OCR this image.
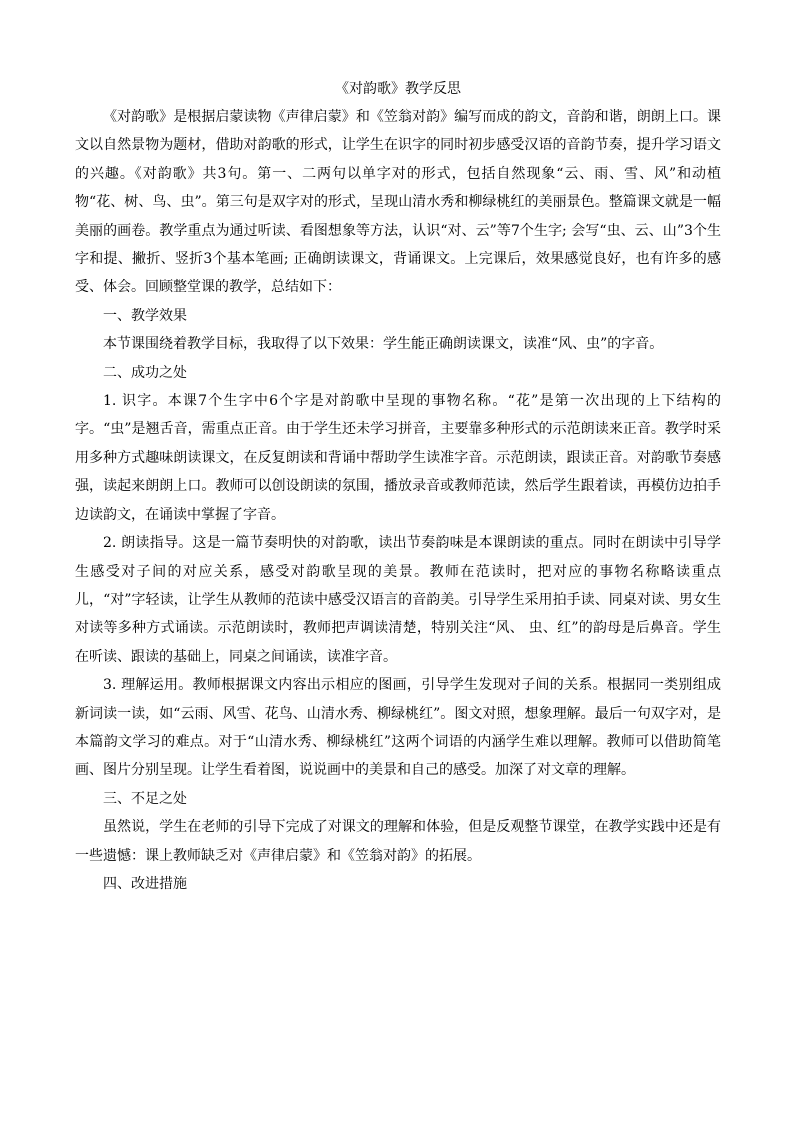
《对韵歌》教学反思

《对韵歌》是根据启蒙读物《声律启蒙》和《笠翁对韵》编写而成的韵文，音韵和谐，朗朗上口。课文以自然景物为题材，借助对韵歌的形式，让学生在识字的同时初步感受汉语的音韵节奏，提升学习语文的兴趣。《对韵歌》共3句。第一、二两句以单字对的形式，包括自然现象“云、雨、雪、风”和动植物“花、树、鸟、虫”。第三句是双字对的形式，呈现山清水秀和柳绿桃红的美丽景色。整篇课文就是一幅美丽的画卷。教学重点为通过听读、看图想象等方法，认识“对、云”等7个生字; 会写“虫、云、山”3个生字和提、撇折、竖折3个基本笔画; 正确朗读课文，背诵课文。上完课后，效果感觉良好，也有许多的感受、体会。回顾整堂课的教学，总结如下：

一、教学效果

本节课围绕着教学目标，我取得了以下效果：学生能正确朗读课文，读准“风、虫”的字音。

二、成功之处

1. 识字。本课7个生字中6个字是对韵歌中呈现的事物名称。“花”是第一次出现的上下结构的字。“虫”是翘舌音，需重点正音。由于学生还未学习拼音，主要靠多种形式的示范朗读来正音。教学时采用多种方式趣味朗读课文，在反复朗读和背诵中帮助学生读准字音。示范朗读，跟读正音。对韵歌节奏感强，读起来朗朗上口。教师可以创设朗读的氛围，播放录音或教师范读，然后学生跟着读，再模仿边拍手边读韵文，在诵读中掌握了字音。

2. 朗读指导。这是一篇节奏明快的对韵歌，读出节奏韵味是本课朗读的重点。同时在朗读中引导学生感受对子间的对应关系，感受对韵歌呈现的美景。教师在范读时，把对应的事物名称略读重点儿，“对”字轻读，让学生从教师的范读中感受汉语言的音韵美。引导学生采用拍手读、同桌对读、男女生对读等多种方式诵读。示范朗读时，教师把声调读清楚，特别关注“风、 虫、红”的韵母是后鼻音。学生在听读、跟读的基础上，同桌之间诵读，读准字音。

3. 理解运用。教师根据课文内容出示相应的图画，引导学生发现对子间的关系。根据同一类别组成新词读一读，如“云雨、风雪、花鸟、山清水秀、柳绿桃红”。图文对照，想象理解。最后一句双字对，是本篇韵文学习的难点。对于“山清水秀、柳绿桃红”这两个词语的内涵学生难以理解。教师可以借助简笔画、图片分别呈现。让学生看着图，说说画中的美景和自己的感受。加深了对文章的理解。

三、不足之处

虽然说，学生在老师的引导下完成了对课文的理解和体验，但是反观整节课堂，在教学实践中还是有一些遗憾：课上教师缺乏对《声律启蒙》和《笠翁对韵》的拓展。

四、改进措施
